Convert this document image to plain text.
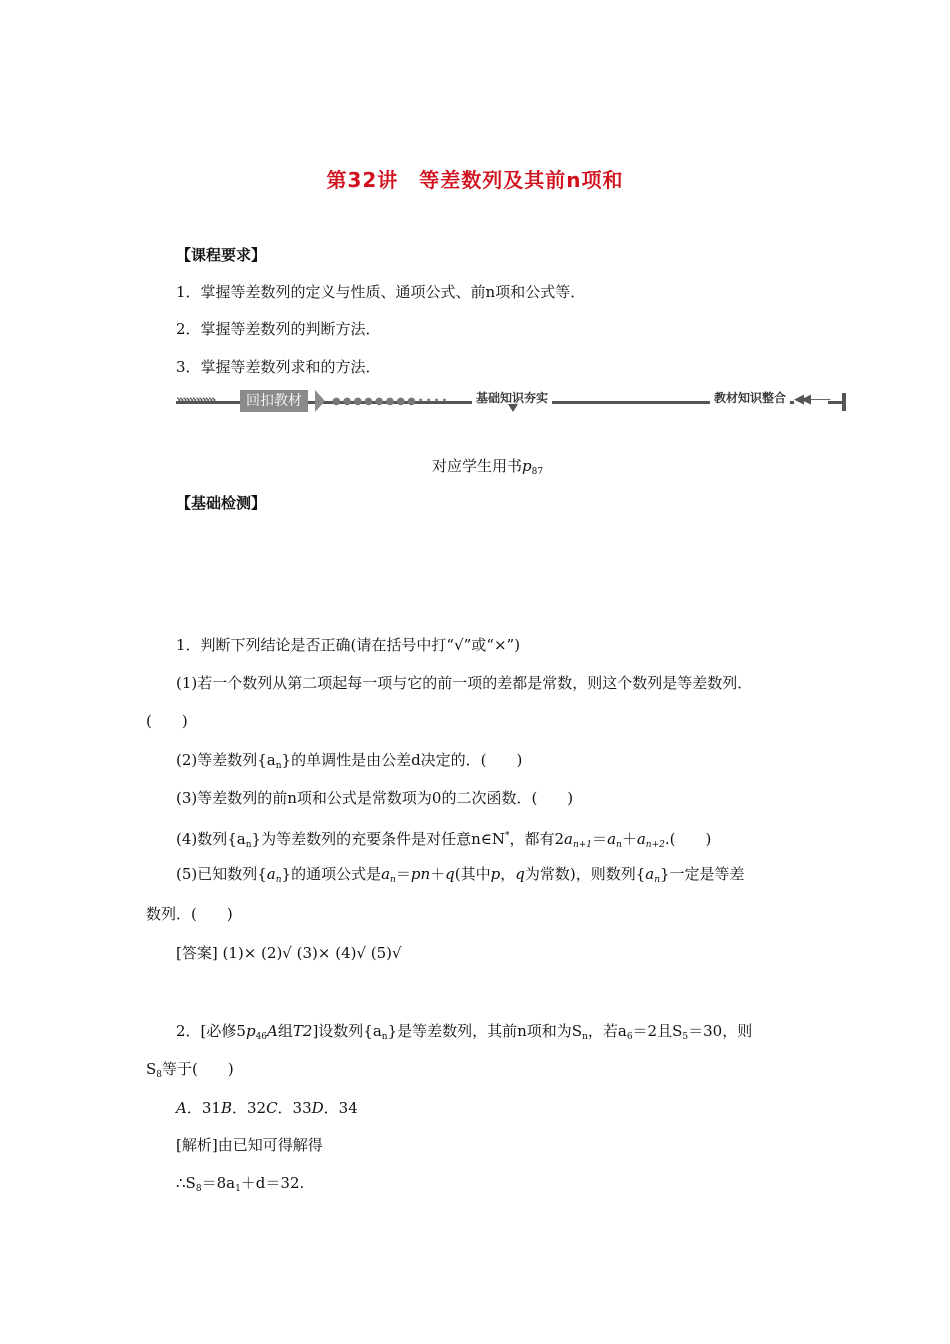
第32讲　等差数列及其前n项和
【课程要求】
1．掌握等差数列的定义与性质、通项公式、前n项和公式等．
2．掌握等差数列的判断方法．
3．掌握等差数列求和的方法．
»»»»»»	回扣教材	●●●●●●●●••••	基础知识夯实	教材知识整合 ◀◀——
对应学生用书$p_{87}$
【基础检测】
1．判断下列结论是否正确(请在括号中打“√”或“×”)
(1)若一个数列从第二项起每一项与它的前一项的差都是常数，则这个数列是等差数列．
(　　)
(2)等差数列$\{a_n\}$的单调性是由公差d决定的．(　　)
(3)等差数列的前n项和公式是常数项为0的二次函数．(　　)
(4)数列$\{a_n\}$为等差数列的充要条件是对任意n∈N*，都有$2a_{n+1}=a_n+a_{n+2}$.(　　)
(5)已知数列$\{a_n\}$的通项公式是$a_n=pn+q$(其中p，q为常数)，则数列$\{a_n\}$一定是等差
数列．(　　)
[答案] (1)× (2)√ (3)× (4)√ (5)√
2．[必修$5p_{46}A$组T2]设数列$\{a_n\}$是等差数列，其前n项和为$S_n$，若$a_6=2$且$S_5=30$，则
$S_8$等于(　　)
A．31B．32C．33D．34
[解析]由已知可得解得
$\therefore S_8=8a_1+d=32$.
